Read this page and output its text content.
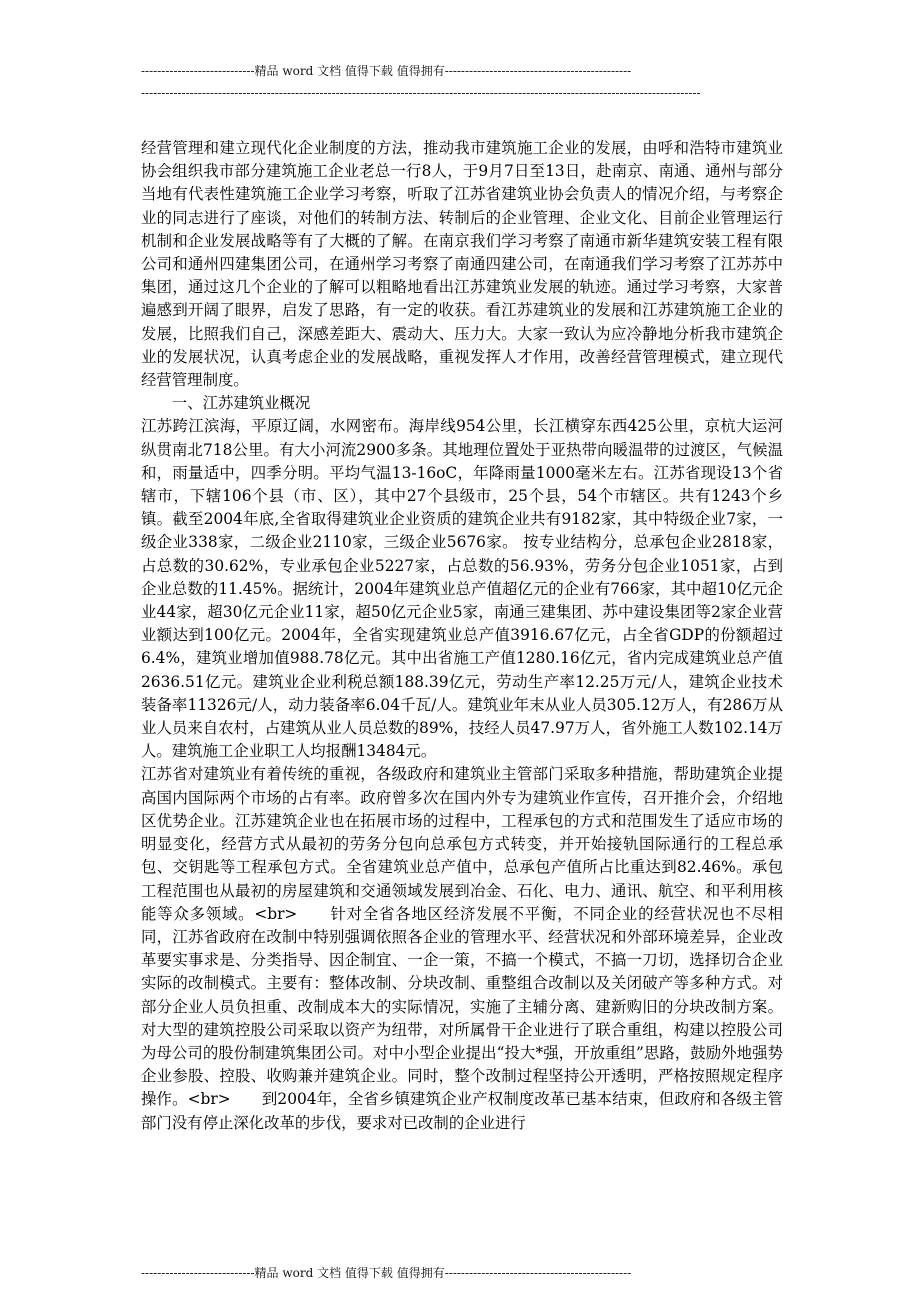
----------------------------精品 word 文档 值得下载 值得拥有----------------------------------------------
------------------------------------------------------------------------------------------------------------------------------------------

经营管理和建立现代化企业制度的方法，推动我市建筑施工企业的发展，由呼和浩特市建筑业协会组织我市部分建筑施工企业老总一行8人，于9月7日至13日，赴南京、南通、通州与部分当地有代表性建筑施工企业学习考察，听取了江苏省建筑业协会负责人的情况介绍，与考察企业的同志进行了座谈，对他们的转制方法、转制后的企业管理、企业文化、目前企业管理运行机制和企业发展战略等有了大概的了解。在南京我们学习考察了南通市新华建筑安装工程有限公司和通州四建集团公司，在通州学习考察了南通四建公司，在南通我们学习考察了江苏苏中集团，通过这几个企业的了解可以粗略地看出江苏建筑业发展的轨迹。通过学习考察，大家普遍感到开阔了眼界，启发了思路，有一定的收获。看江苏建筑业的发展和江苏建筑施工企业的发展，比照我们自己，深感差距大、震动大、压力大。大家一致认为应冷静地分析我市建筑企业的发展状况，认真考虑企业的发展战略，重视发挥人才作用，改善经营管理模式，建立现代经营管理制度。

一、江苏建筑业概况

江苏跨江滨海，平原辽阔，水网密布。海岸线954公里，长江横穿东西425公里，京杭大运河纵贯南北718公里。有大小河流2900多条。其地理位置处于亚热带向暖温带的过渡区，气候温和，雨量适中，四季分明。平均气温13-16oC，年降雨量1000毫米左右。江苏省现设13个省辖市，下辖106个县（市、区），其中27个县级市，25个县，54个市辖区。共有1243个乡镇。截至2004年底,全省取得建筑业企业资质的建筑企业共有9182家，其中特级企业7家，一级企业338家，二级企业2110家，三级企业5676家。 按专业结构分，总承包企业2818家，占总数的30.62%，专业承包企业5227家，占总数的56.93%，劳务分包企业1051家，占到企业总数的11.45%。据统计，2004年建筑业总产值超亿元的企业有766家，其中超10亿元企业44家，超30亿元企业11家，超50亿元企业5家，南通三建集团、苏中建设集团等2家企业营业额达到100亿元。2004年，全省实现建筑业总产值3916.67亿元，占全省GDP的份额超过6.4%，建筑业增加值988.78亿元。其中出省施工产值1280.16亿元，省内完成建筑业总产值2636.51亿元。建筑业企业利税总额188.39亿元，劳动生产率12.25万元/人，建筑企业技术装备率11326元/人，动力装备率6.04千瓦/人。建筑业年末从业人员305.12万人，有286万从业人员来自农村，占建筑从业人员总数的89%，技经人员47.97万人，省外施工人数102.14万人。建筑施工企业职工人均报酬13484元。

江苏省对建筑业有着传统的重视，各级政府和建筑业主管部门采取多种措施，帮助建筑企业提高国内国际两个市场的占有率。政府曾多次在国内外专为建筑业作宣传，召开推介会，介绍地区优势企业。江苏建筑企业也在拓展市场的过程中，工程承包的方式和范围发生了适应市场的明显变化，经营方式从最初的劳务分包向总承包方式转变，并开始接轨国际通行的工程总承包、交钥匙等工程承包方式。全省建筑业总产值中，总承包产值所占比重达到82.46%。承包工程范围也从最初的房屋建筑和交通领域发展到冶金、石化、电力、通讯、航空、和平利用核能等众多领域。<br>　　针对全省各地区经济发展不平衡，不同企业的经营状况也不尽相同，江苏省政府在改制中特别强调依照各企业的管理水平、经营状况和外部环境差异，企业改革要实事求是、分类指导、因企制宜、一企一策，不搞一个模式，不搞一刀切，选择切合企业实际的改制模式。主要有：整体改制、分块改制、重整组合改制以及关闭破产等多种方式。对部分企业人员负担重、改制成本大的实际情况，实施了主辅分离、建新购旧的分块改制方案。对大型的建筑控股公司采取以资产为纽带，对所属骨干企业进行了联合重组，构建以控股公司为母公司的股份制建筑集团公司。对中小型企业提出“投大*强，开放重组”思路，鼓励外地强势企业参股、控股、收购兼并建筑企业。同时，整个改制过程坚持公开透明，严格按照规定程序操作。<br>　　到2004年，全省乡镇建筑企业产权制度改革已基本结束，但政府和各级主管部门没有停止深化改革的步伐，要求对已改制的企业进行

----------------------------精品 word 文档 值得下载 值得拥有----------------------------------------------
